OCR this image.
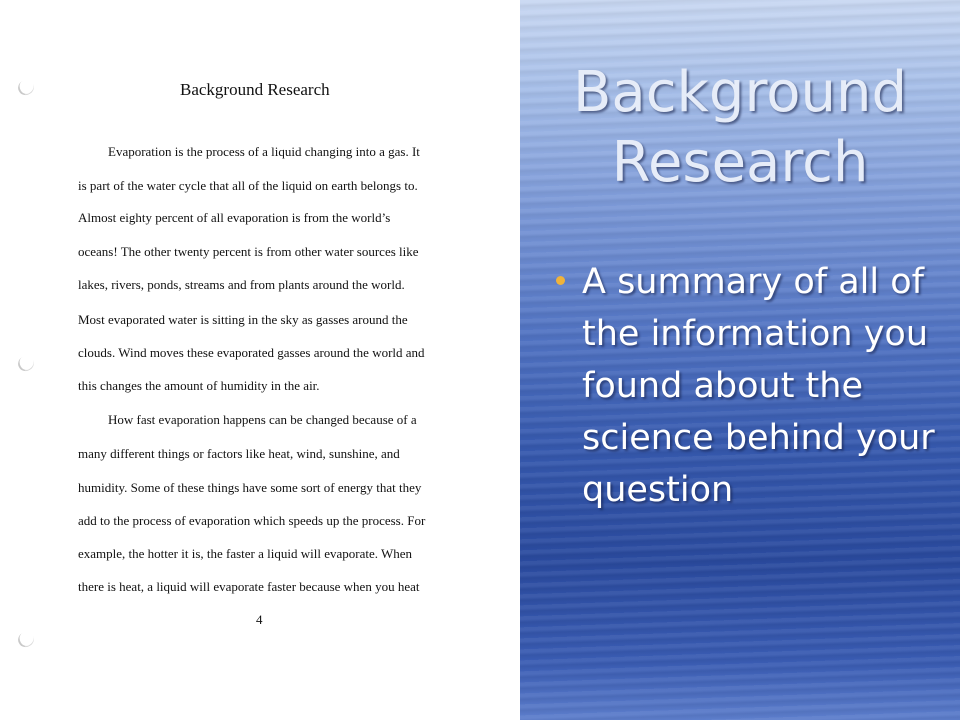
Background Research
Evaporation is the process of a liquid changing into a gas. It
is part of the water cycle that all of the liquid on earth belongs to.
Almost eighty percent of all evaporation is from the world’s
oceans! The other twenty percent is from other water sources like
lakes, rivers, ponds, streams and from plants around the world.
Most evaporated water is sitting in the sky as gasses around the
clouds. Wind moves these evaporated gasses around the world and
this changes the amount of humidity in the air.
How fast evaporation happens can be changed because of a
many different things or factors like heat, wind, sunshine, and
humidity. Some of these things have some sort of energy that they
add to the process of evaporation which speeds up the process. For
example, the hotter it is, the faster a liquid will evaporate. When
there is heat, a liquid will evaporate faster because when you heat
4
Background Research
A summary of all of the information you found about the science behind your question
